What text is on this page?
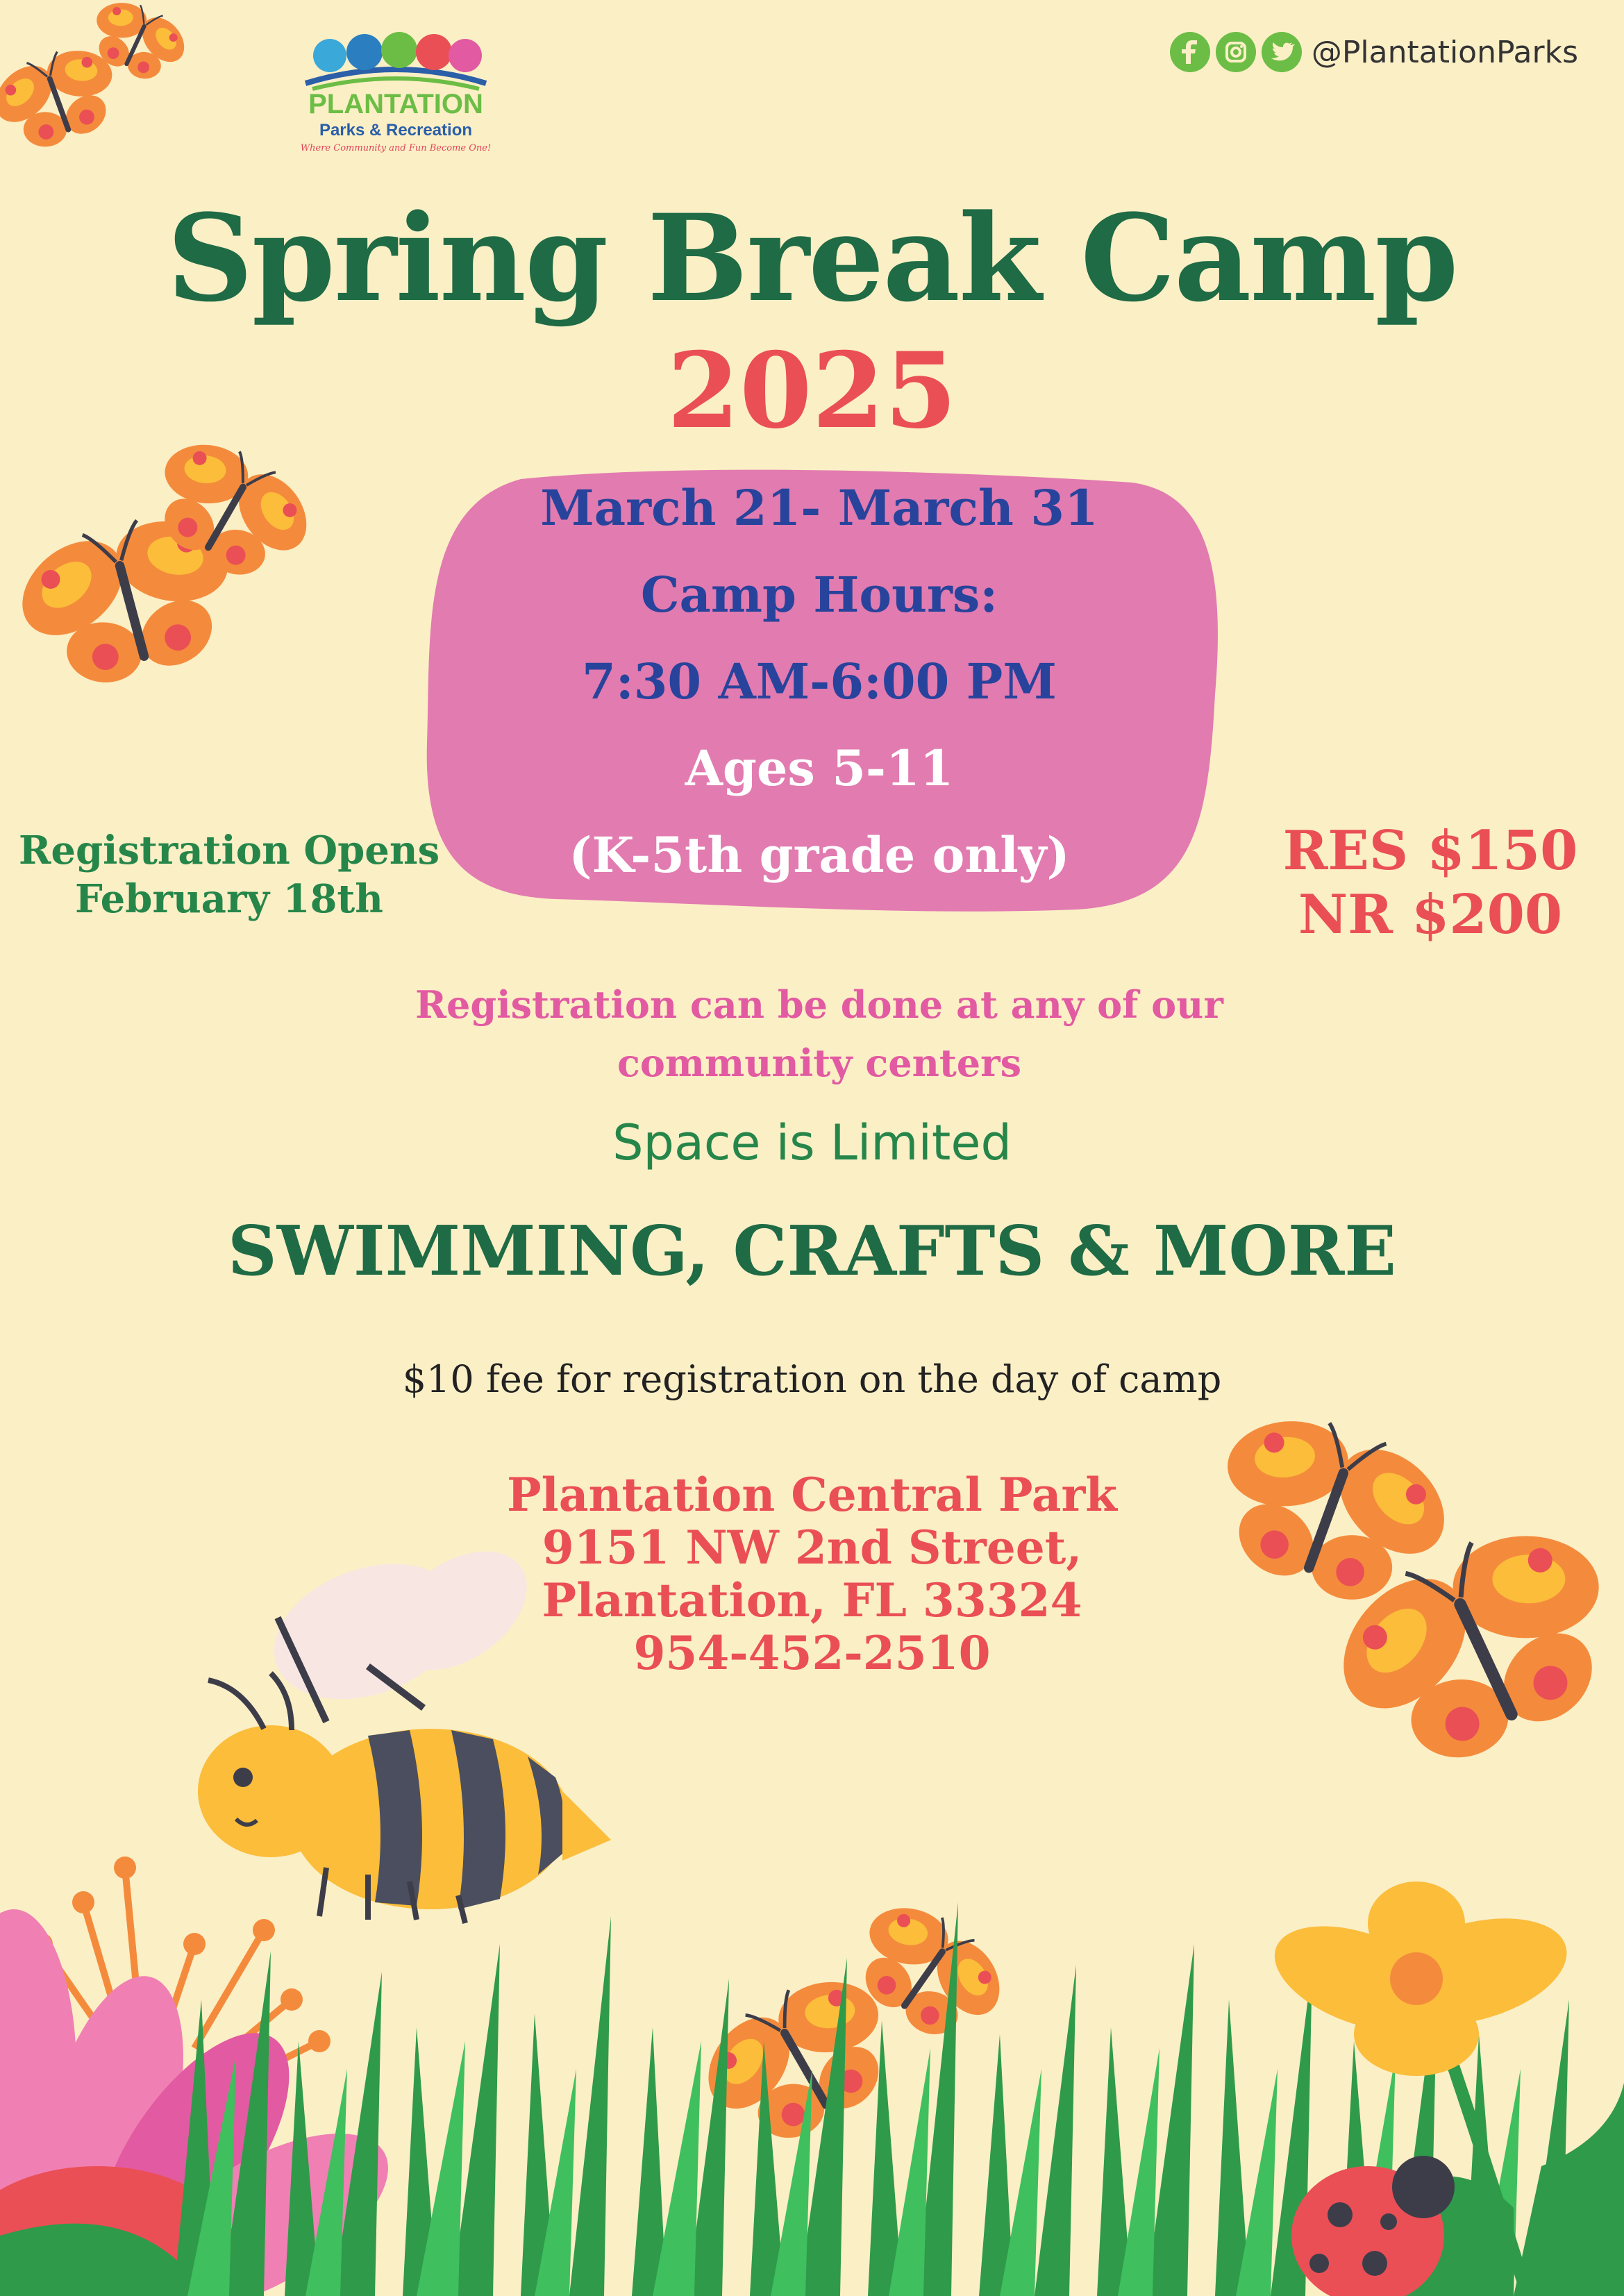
PLANTATION
Parks & Recreation
Where Community and Fun Become One!
@PlantationParks
Spring Break Camp
2025
March 21- March 31
Camp Hours:
7:30 AM-6:00 PM
Ages 5-11
(K-5th grade only)
Registration Opens
February 18th
RES $150
NR $200
Registration can be done at any of our
community centers
Space is Limited
SWIMMING, CRAFTS & MORE
$10 fee for registration on the day of camp
Plantation Central Park
9151 NW 2nd Street,
Plantation, FL 33324
954-452-2510
